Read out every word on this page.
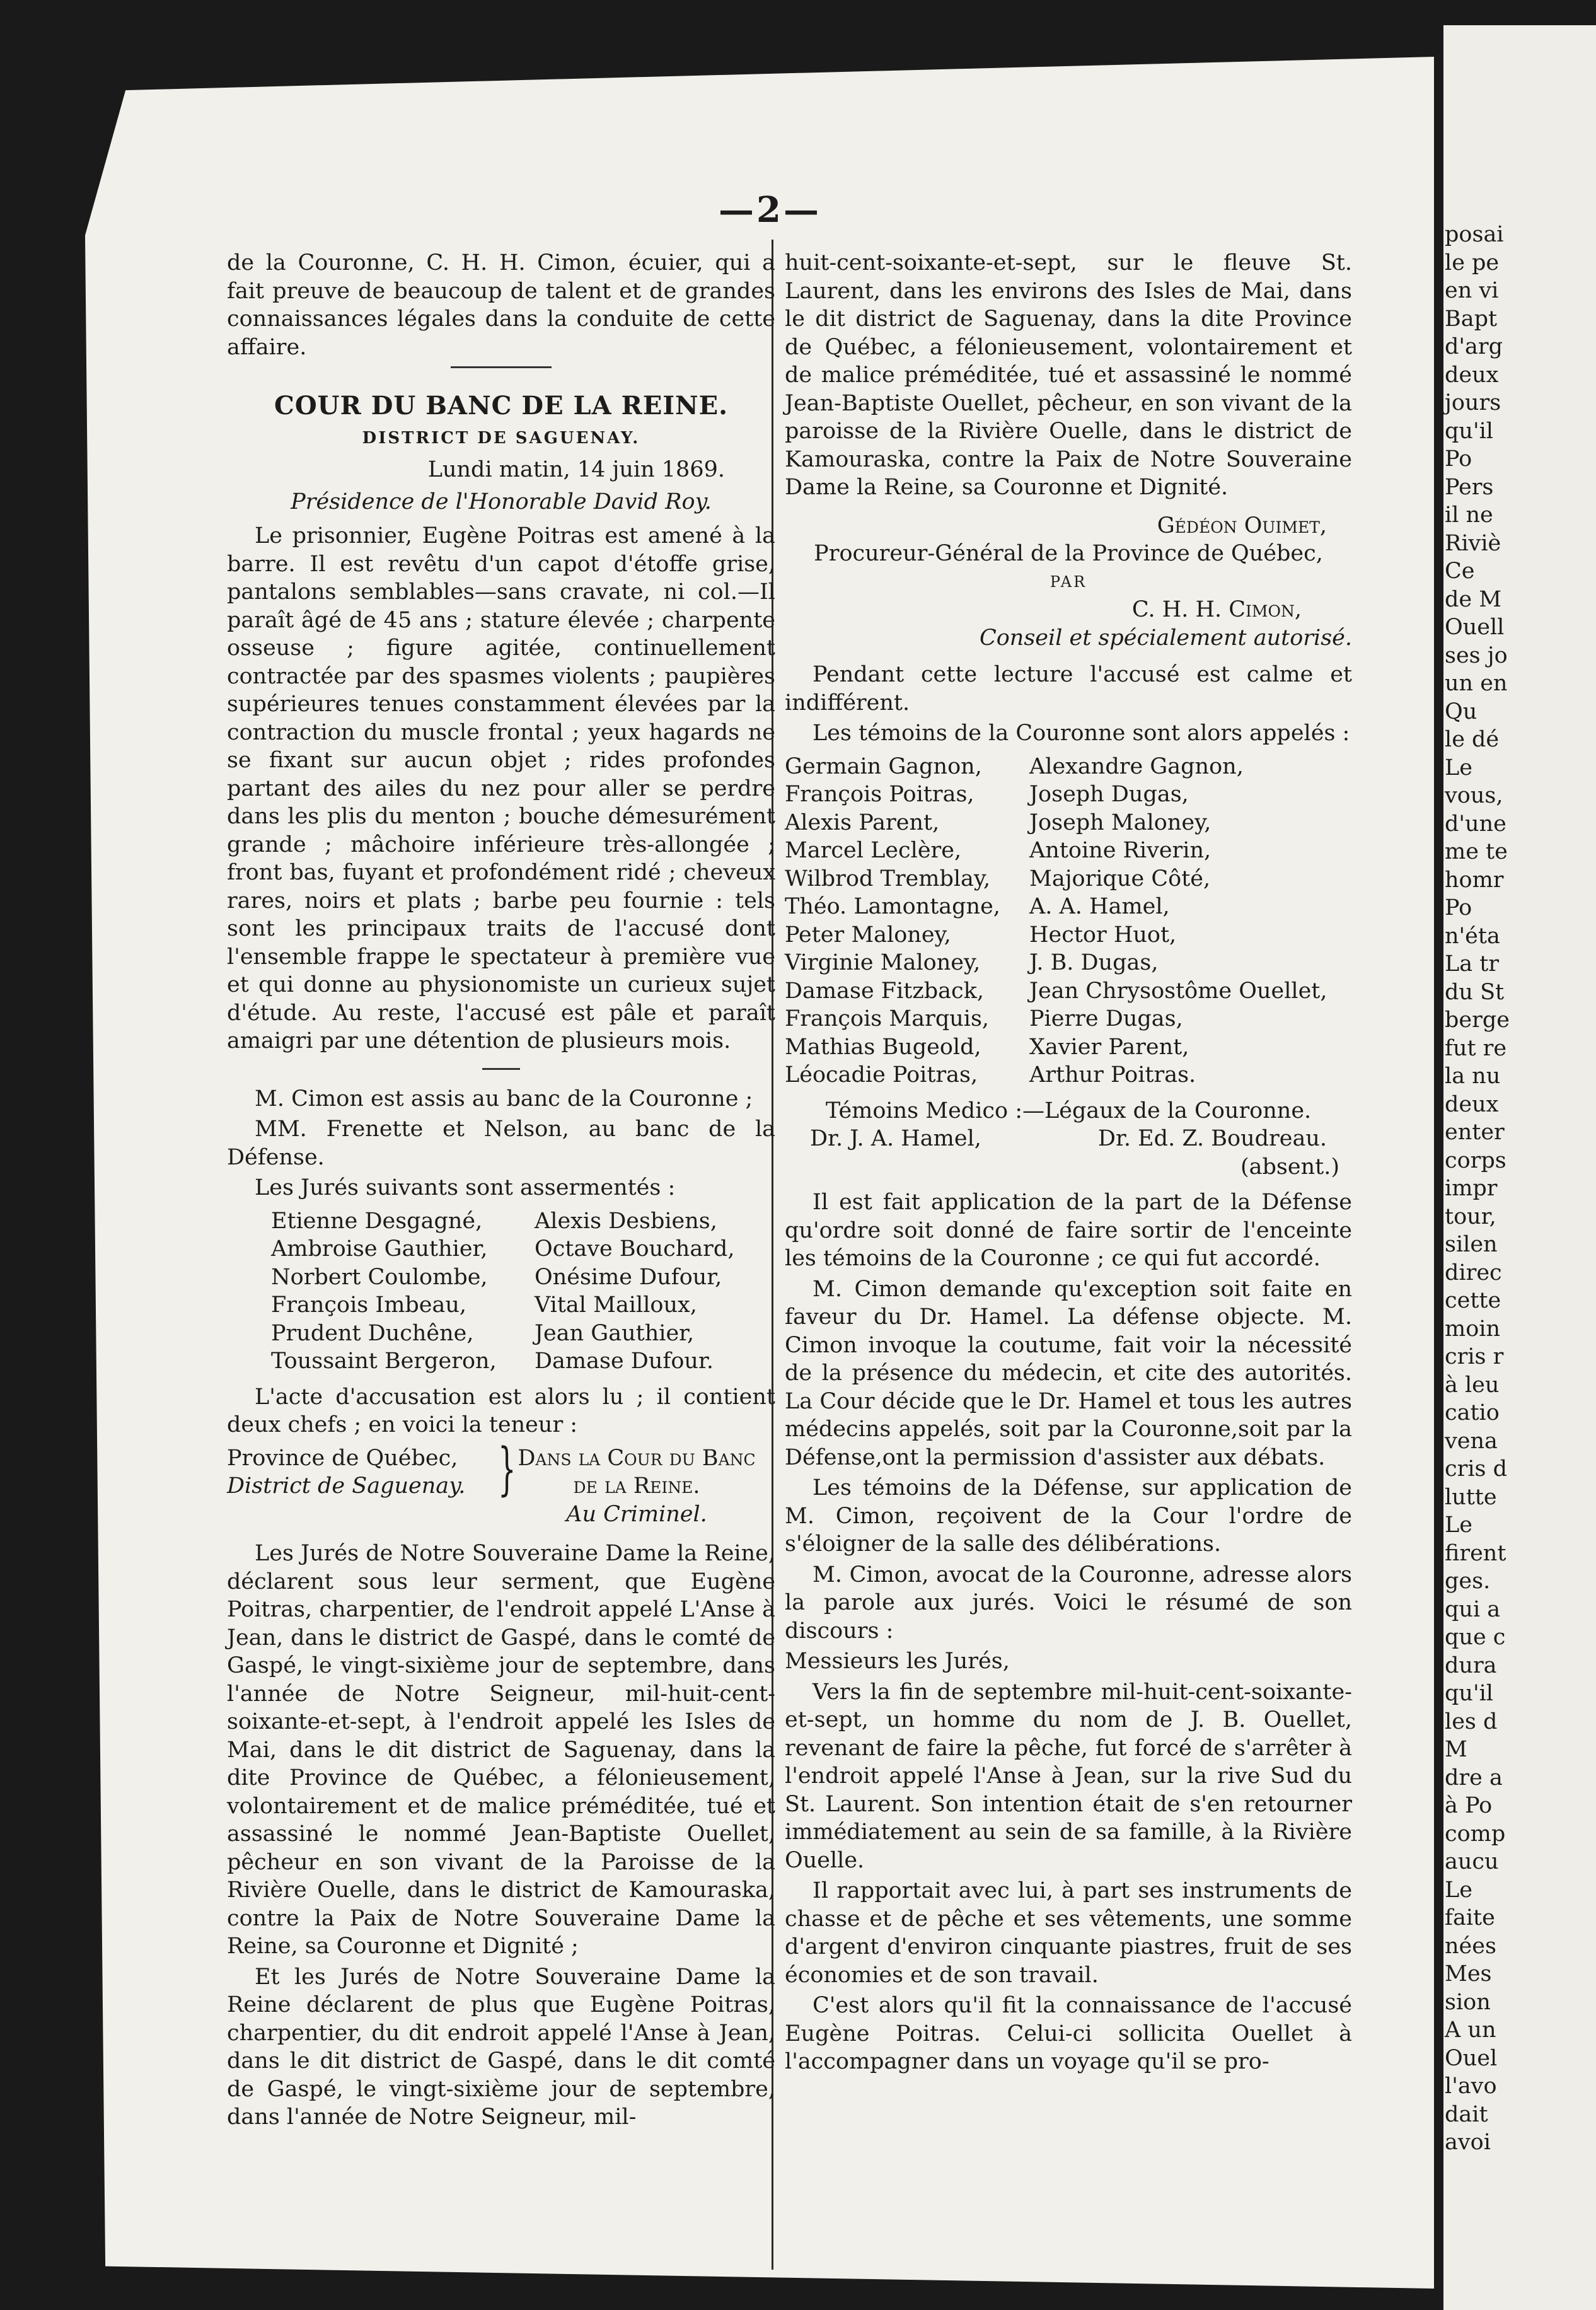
posai
le pe
en vi
Bapt
d'arg
deux
jours
qu'il
Po
Pers
il ne
Riviè
Ce
de M
Ouell
ses jo
un en
Qu
le dé
Le
vous,
d'une
me te
homr
Po
n'éta
La tr
du St
berge
fut re
la nu
deux
enter
corps
impr
tour,
silen
direc
cette
moin
cris r
à leu
catio
vena
cris d
lutte
Le
firent
ges.
qui a
que c
dura
qu'il
les d
M
dre a
à Po
comp
aucu
Le
faite
nées
Mes
sion
A un
Ouel
l'avo
dait
avoi
—2—

de la Couronne, C. H. H. Cimon, écuier, qui a fait preuve de beaucoup de talent et de grandes connaissances légales dans la conduite de cette affaire.

COUR DU BANC DE LA REINE.
DISTRICT DE SAGUENAY.
Lundi matin, 14 juin 1869.
Présidence de l'Honorable David Roy.

Le prisonnier, Eugène Poitras est amené à la barre. Il est revêtu d'un capot d'étoffe grise, pantalons semblables—sans cravate, ni col.—Il paraît âgé de 45 ans ; stature élevée ; charpente osseuse ; figure agitée, continuellement contractée par des spasmes violents ; paupières supérieures tenues constamment élevées par la contraction du muscle frontal ; yeux hagards ne se fixant sur aucun objet ; rides profondes partant des ailes du nez pour aller se perdre dans les plis du menton ; bouche démesurément grande ; mâchoire inférieure très-allongée ; front bas, fuyant et profondément ridé ; cheveux rares, noirs et plats ; barbe peu fournie : tels sont les principaux traits de l'accusé dont l'ensemble frappe le spectateur à première vue et qui donne au physionomiste un curieux sujet d'étude. Au reste, l'accusé est pâle et paraît amaigri par une détention de plusieurs mois.

M. Cimon est assis au banc de la Couronne ;

MM. Frenette et Nelson, au banc de la Défense.

Les Jurés suivants sont assermentés :

Etienne Desgagné,	Alexis Desbiens,
Ambroise Gauthier,	Octave Bouchard,
Norbert Coulombe,	Onésime Dufour,
François Imbeau,	Vital Mailloux,
Prudent Duchêne,	Jean Gauthier,
Toussaint Bergeron,	Damase Dufour.

L'acte d'accusation est alors lu ; il contient deux chefs ; en voici la teneur :

Province de Québec,
District de Saguenay. } Dans la Cour du Banc
de la Reine.
Au Criminel.

Les Jurés de Notre Souveraine Dame la Reine, déclarent sous leur serment, que Eugène Poitras, charpentier, de l'endroit appelé L'Anse à Jean, dans le district de Gaspé, dans le comté de Gaspé, le vingt-sixième jour de septembre, dans l'année de Notre Seigneur, mil-huit-cent-soixante-et-sept, à l'endroit appelé les Isles de Mai, dans le dit district de Saguenay, dans la dite Province de Québec, a félonieusement, volontairement et de malice préméditée, tué et assassiné le nommé Jean-Baptiste Ouellet, pêcheur en son vivant de la Paroisse de la Rivière Ouelle, dans le district de Kamouraska, contre la Paix de Notre Souveraine Dame la Reine, sa Couronne et Dignité ;

Et les Jurés de Notre Souveraine Dame la Reine déclarent de plus que Eugène Poitras, charpentier, du dit endroit appelé l'Anse à Jean, dans le dit district de Gaspé, dans le dit comté de Gaspé, le vingt-sixième jour de septembre, dans l'année de Notre Seigneur, mil-

huit-cent-soixante-et-sept, sur le fleuve St. Laurent, dans les environs des Isles de Mai, dans le dit district de Saguenay, dans la dite Province de Québec, a félonieusement, volontairement et de malice préméditée, tué et assassiné le nommé Jean-Baptiste Ouellet, pêcheur, en son vivant de la paroisse de la Rivière Ouelle, dans le district de Kamouraska, contre la Paix de Notre Souveraine Dame la Reine, sa Couronne et Dignité.

Gédéon Ouimet,
Procureur-Général de la Province de Québec,
PAR
C. H. H. Cimon,
Conseil et spécialement autorisé.

Pendant cette lecture l'accusé est calme et indifférent.

Les témoins de la Couronne sont alors appelés :

Germain Gagnon,	Alexandre Gagnon,
François Poitras,	Joseph Dugas,
Alexis Parent,	Joseph Maloney,
Marcel Leclère,	Antoine Riverin,
Wilbrod Tremblay,	Majorique Côté,
Théo. Lamontagne,	A. A. Hamel,
Peter Maloney,	Hector Huot,
Virginie Maloney,	J. B. Dugas,
Damase Fitzback,	Jean Chrysostôme Ouellet,
François Marquis,	Pierre Dugas,
Mathias Bugeold,	Xavier Parent,
Léocadie Poitras,	Arthur Poitras.
Témoins Medico :—Légaux de la Couronne.
Dr. J. A. Hamel,	Dr. Ed. Z. Boudreau.
(absent.)

Il est fait application de la part de la Défense qu'ordre soit donné de faire sortir de l'enceinte les témoins de la Couronne ; ce qui fut accordé.

M. Cimon demande qu'exception soit faite en faveur du Dr. Hamel. La défense objecte. M. Cimon invoque la coutume, fait voir la nécessité de la présence du médecin, et cite des autorités. La Cour décide que le Dr. Hamel et tous les autres médecins appelés, soit par la Couronne,soit par la Défense,ont la permission d'assister aux débats.

Les témoins de la Défense, sur application de M. Cimon, reçoivent de la Cour l'ordre de s'éloigner de la salle des délibérations.

M. Cimon, avocat de la Couronne, adresse alors la parole aux jurés. Voici le résumé de son discours :

Messieurs les Jurés,

Vers la fin de septembre mil-huit-cent-soixante-et-sept, un homme du nom de J. B. Ouellet, revenant de faire la pêche, fut forcé de s'arrêter à l'endroit appelé l'Anse à Jean, sur la rive Sud du St. Laurent. Son intention était de s'en retourner immédiatement au sein de sa famille, à la Rivière Ouelle.

Il rapportait avec lui, à part ses instruments de chasse et de pêche et ses vêtements, une somme d'argent d'environ cinquante piastres, fruit de ses économies et de son travail.

C'est alors qu'il fit la connaissance de l'accusé Eugène Poitras. Celui-ci sollicita Ouellet à l'accompagner dans un voyage qu'il se pro-
